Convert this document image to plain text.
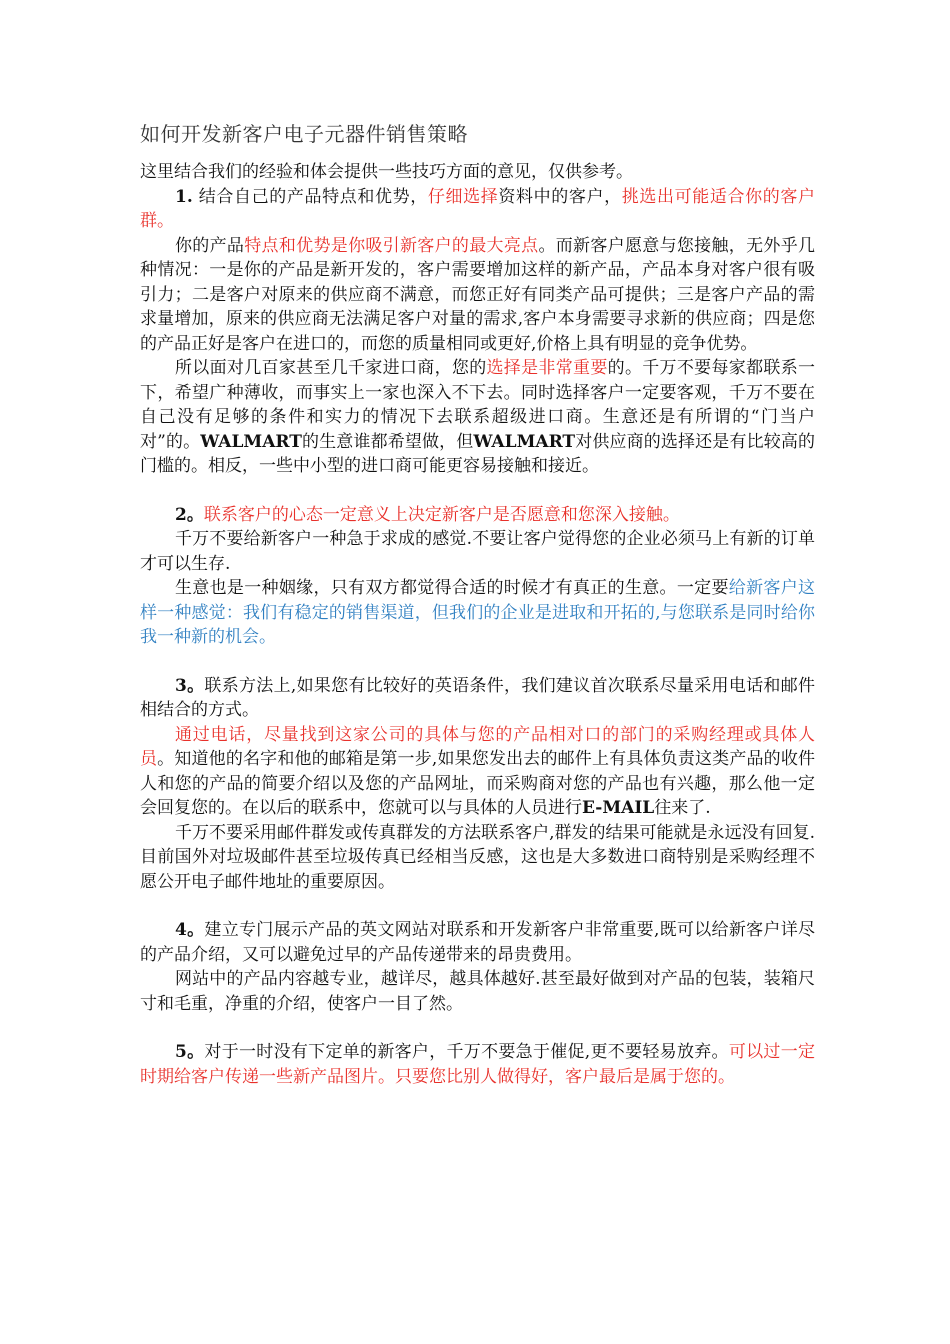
如何开发新客户电子元器件销售策略

这里结合我们的经验和体会提供一些技巧方面的意见，仅供参考。

1. 结合自己的产品特点和优势，仔细选择资料中的客户，挑选出可能适合你的客户群。

你的产品特点和优势是你吸引新客户的最大亮点。而新客户愿意与您接触，无外乎几种情况：一是你的产品是新开发的，客户需要增加这样的新产品，产品本身对客户很有吸引力；二是客户对原来的供应商不满意，而您正好有同类产品可提供；三是客户产品的需求量增加，原来的供应商无法满足客户对量的需求,客户本身需要寻求新的供应商；四是您的产品正好是客户在进口的，而您的质量相同或更好,价格上具有明显的竞争优势。

所以面对几百家甚至几千家进口商，您的选择是非常重要的。千万不要每家都联系一下，希望广种薄收，而事实上一家也深入不下去。同时选择客户一定要客观，千万不要在自己没有足够的条件和实力的情况下去联系超级进口商。生意还是有所谓的“门当户对”的。WALMART的生意谁都希望做，但WALMART对供应商的选择还是有比较高的门槛的。相反，一些中小型的进口商可能更容易接触和接近。

2。联系客户的心态一定意义上决定新客户是否愿意和您深入接触。

千万不要给新客户一种急于求成的感觉.不要让客户觉得您的企业必须马上有新的订单才可以生存.

生意也是一种姻缘，只有双方都觉得合适的时候才有真正的生意。一定要给新客户这样一种感觉：我们有稳定的销售渠道，但我们的企业是进取和开拓的,与您联系是同时给你我一种新的机会。

3。联系方法上,如果您有比较好的英语条件，我们建议首次联系尽量采用电话和邮件相结合的方式。

通过电话，尽量找到这家公司的具体与您的产品相对口的部门的采购经理或具体人员。知道他的名字和他的邮箱是第一步,如果您发出去的邮件上有具体负责这类产品的收件人和您的产品的简要介绍以及您的产品网址，而采购商对您的产品也有兴趣，那么他一定会回复您的。在以后的联系中，您就可以与具体的人员进行E-MAIL往来了.

千万不要采用邮件群发或传真群发的方法联系客户,群发的结果可能就是永远没有回复.目前国外对垃圾邮件甚至垃圾传真已经相当反感，这也是大多数进口商特别是采购经理不愿公开电子邮件地址的重要原因。

4。建立专门展示产品的英文网站对联系和开发新客户非常重要,既可以给新客户详尽的产品介绍，又可以避免过早的产品传递带来的昂贵费用。

网站中的产品内容越专业，越详尽，越具体越好.甚至最好做到对产品的包装，装箱尺寸和毛重，净重的介绍，使客户一目了然。

5。对于一时没有下定单的新客户，千万不要急于催促,更不要轻易放弃。可以过一定时期给客户传递一些新产品图片。只要您比别人做得好，客户最后是属于您的。
